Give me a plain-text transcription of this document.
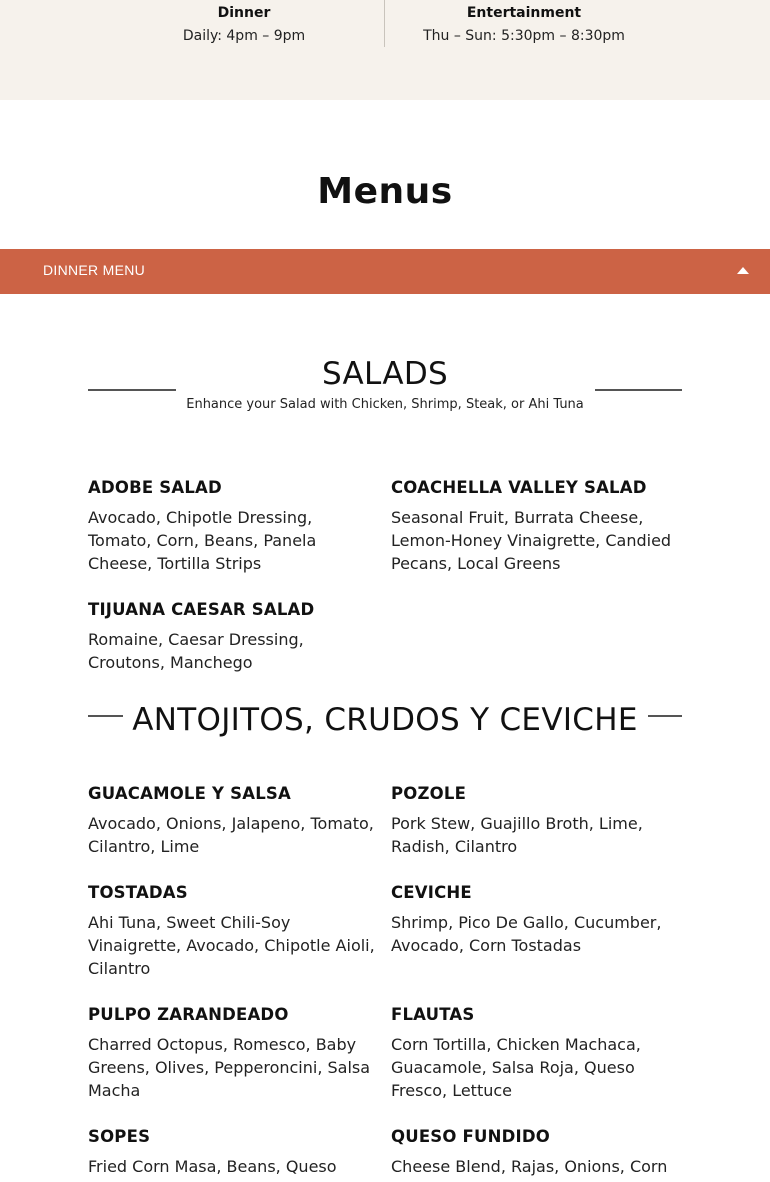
Dinner
Daily: 4pm – 9pm
Entertainment
Thu – Sun: 5:30pm – 8:30pm
Menus
DINNER MENU
SALADS
Enhance your Salad with Chicken, Shrimp, Steak, or Ahi Tuna
ADOBE SALAD
Avocado, Chipotle Dressing, Tomato, Corn, Beans, Panela Cheese, Tortilla Strips
COACHELLA VALLEY SALAD
Seasonal Fruit, Burrata Cheese, Lemon-Honey Vinaigrette, Candied Pecans, Local Greens
TIJUANA CAESAR SALAD
Romaine, Caesar Dressing, Croutons, Manchego
ANTOJITOS, CRUDOS Y CEVICHE
GUACAMOLE Y SALSA
Avocado, Onions, Jalapeno, Tomato, Cilantro, Lime
POZOLE
Pork Stew, Guajillo Broth, Lime, Radish, Cilantro
TOSTADAS
Ahi Tuna, Sweet Chili-Soy Vinaigrette, Avocado, Chipotle Aioli, Cilantro
CEVICHE
Shrimp, Pico De Gallo, Cucumber, Avocado, Corn Tostadas
PULPO ZARANDEADO
Charred Octopus, Romesco, Baby Greens, Olives, Pepperoncini, Salsa Macha
FLAUTAS
Corn Tortilla, Chicken Machaca, Guacamole, Salsa Roja, Queso Fresco, Lettuce
SOPES
Fried Corn Masa, Beans, Queso
QUESO FUNDIDO
Cheese Blend, Rajas, Onions, Corn
